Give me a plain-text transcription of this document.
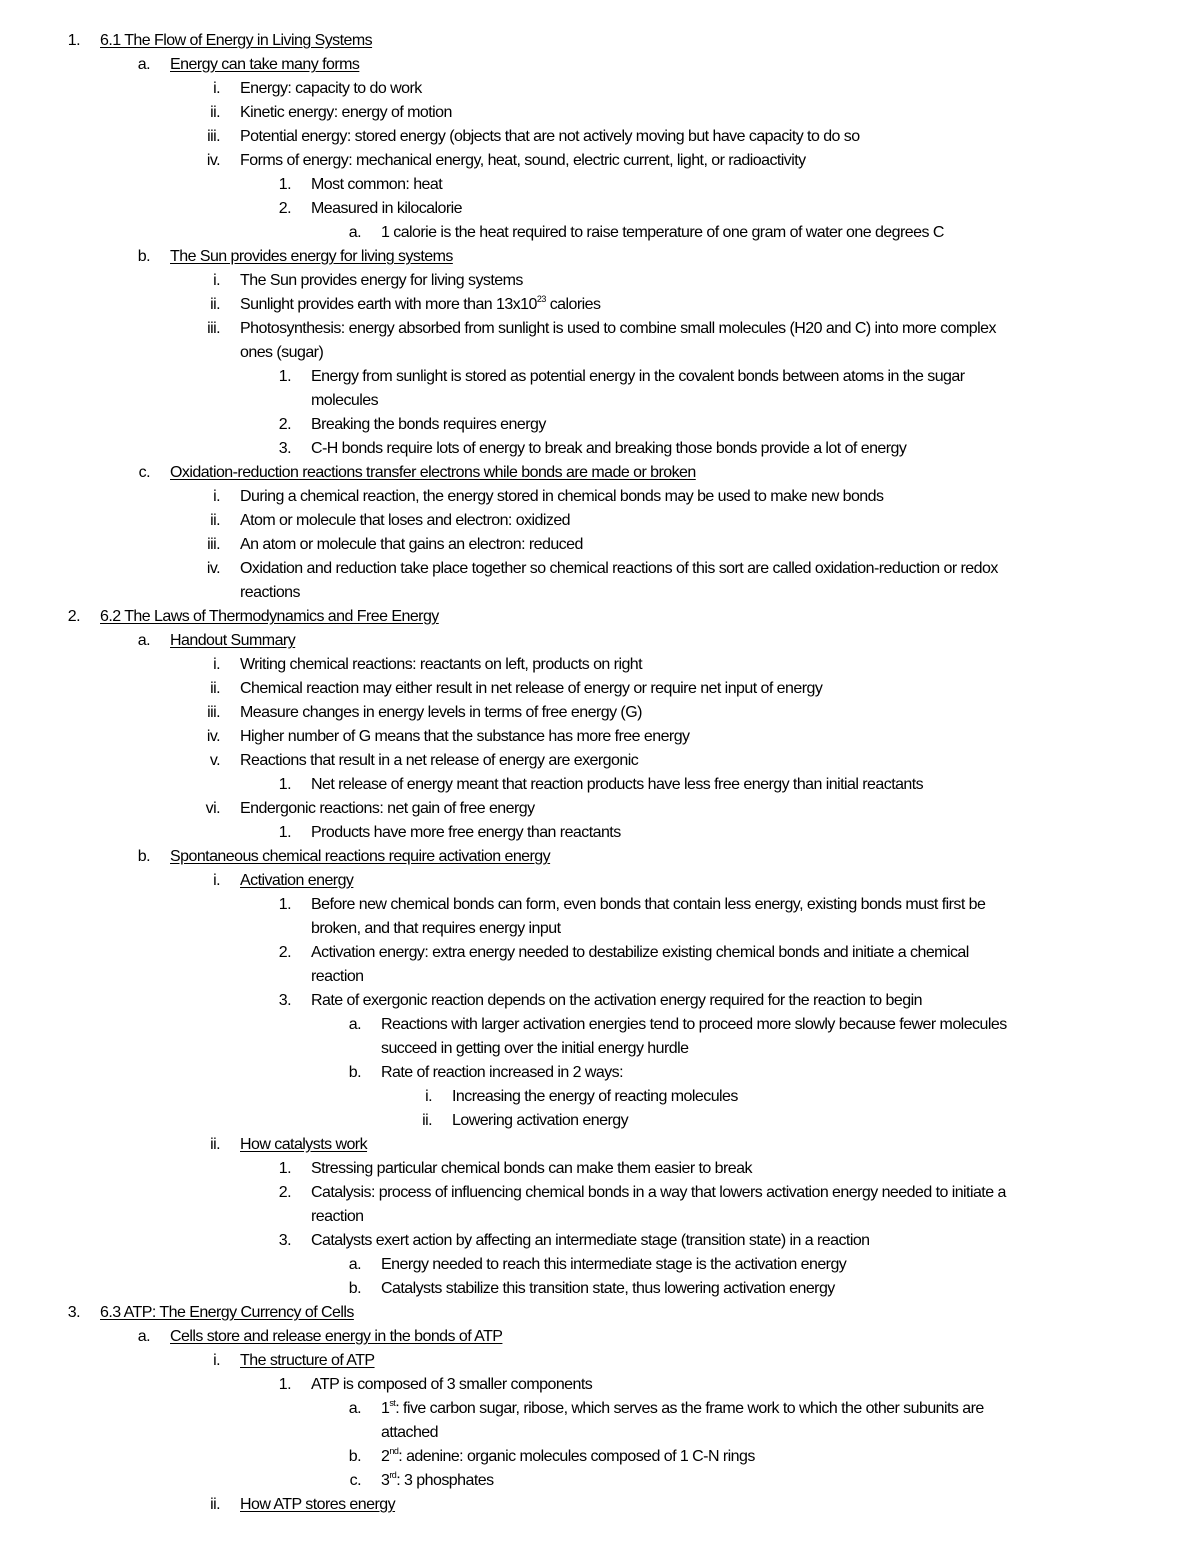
1. 6.1 The Flow of Energy in Living Systems
a. Energy can take many forms
i. Energy: capacity to do work
ii. Kinetic energy: energy of motion
iii. Potential energy: stored energy (objects that are not actively moving but have capacity to do so
iv. Forms of energy: mechanical energy, heat, sound, electric current, light, or radioactivity
1. Most common: heat
2. Measured in kilocalorie
a. 1 calorie is the heat required to raise temperature of one gram of water one degrees C
b. The Sun provides energy for living systems
i. The Sun provides energy for living systems
ii. Sunlight provides earth with more than $13x10^{23}$ calories
iii. Photosynthesis: energy absorbed from sunlight is used to combine small molecules (H20 and C) into more complex
ones (sugar)
1. Energy from sunlight is stored as potential energy in the covalent bonds between atoms in the sugar
molecules
2. Breaking the bonds requires energy
3. C-H bonds require lots of energy to break and breaking those bonds provide a lot of energy
c. Oxidation-reduction reactions transfer electrons while bonds are made or broken
i. During a chemical reaction, the energy stored in chemical bonds may be used to make new bonds
ii. Atom or molecule that loses and electron: oxidized
iii. An atom or molecule that gains an electron: reduced
iv. Oxidation and reduction take place together so chemical reactions of this sort are called oxidation-reduction or redox
reactions
2. 6.2 The Laws of Thermodynamics and Free Energy
a. Handout Summary
i. Writing chemical reactions: reactants on left, products on right
ii. Chemical reaction may either result in net release of energy or require net input of energy
iii. Measure changes in energy levels in terms of free energy (G)
iv. Higher number of G means that the substance has more free energy
v. Reactions that result in a net release of energy are exergonic
1. Net release of energy meant that reaction products have less free energy than initial reactants
vi. Endergonic reactions: net gain of free energy
1. Products have more free energy than reactants
b. Spontaneous chemical reactions require activation energy
i. Activation energy
1. Before new chemical bonds can form, even bonds that contain less energy, existing bonds must first be
broken, and that requires energy input
2. Activation energy: extra energy needed to destabilize existing chemical bonds and initiate a chemical
reaction
3. Rate of exergonic reaction depends on the activation energy required for the reaction to begin
a. Reactions with larger activation energies tend to proceed more slowly because fewer molecules
succeed in getting over the initial energy hurdle
b. Rate of reaction increased in 2 ways:
i. Increasing the energy of reacting molecules
ii. Lowering activation energy
ii. How catalysts work
1. Stressing particular chemical bonds can make them easier to break
2. Catalysis: process of influencing chemical bonds in a way that lowers activation energy needed to initiate a
reaction
3. Catalysts exert action by affecting an intermediate stage (transition state) in a reaction
a. Energy needed to reach this intermediate stage is the activation energy
b. Catalysts stabilize this transition state, thus lowering activation energy
3. 6.3 ATP: The Energy Currency of Cells
a. Cells store and release energy in the bonds of ATP
i. The structure of ATP
1. ATP is composed of 3 smaller components
a. 1st: five carbon sugar, ribose, which serves as the frame work to which the other subunits are
attached
b. 2nd: adenine: organic molecules composed of 1 C-N rings
c. 3rd: 3 phosphates
ii. How ATP stores energy
